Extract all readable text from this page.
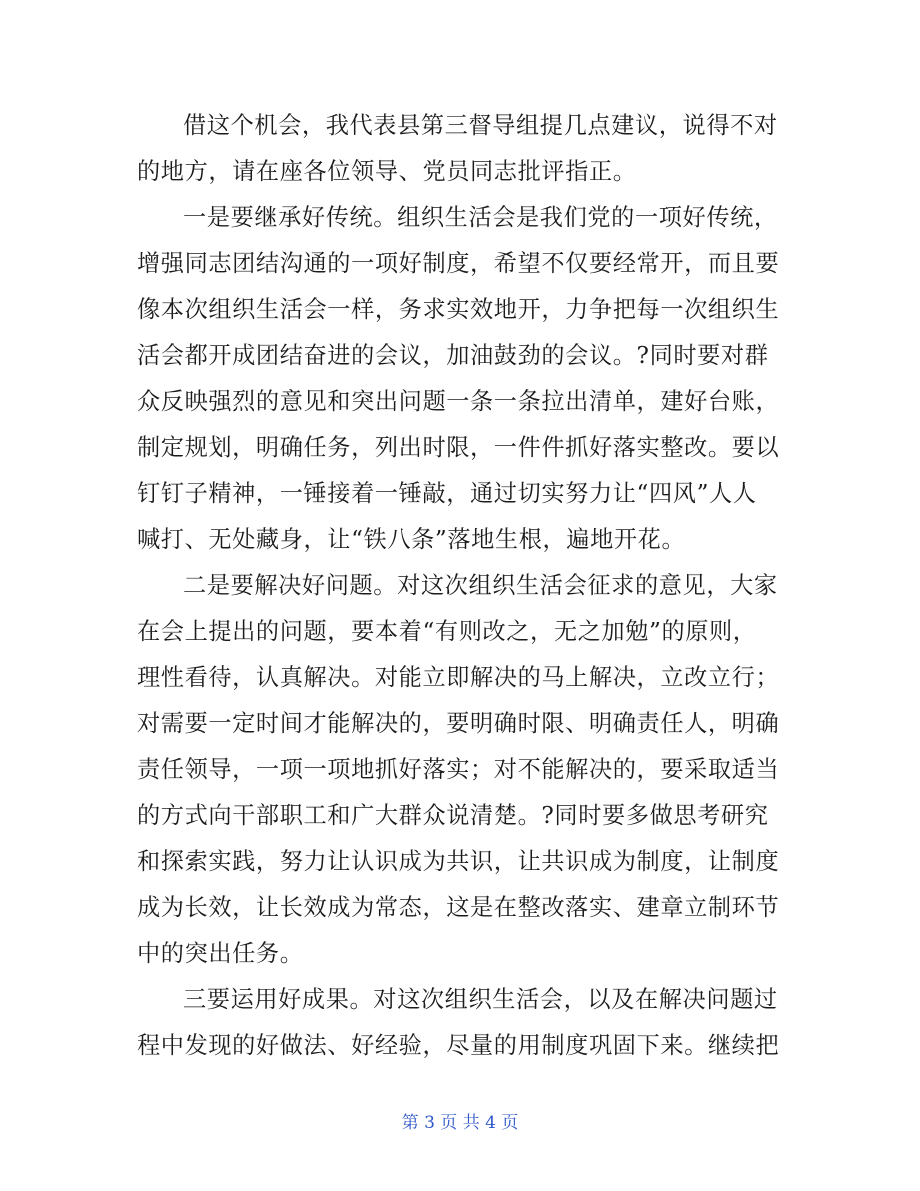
借这个机会，我代表县第三督导组提几点建议，说得不对
的地方，请在座各位领导、党员同志批评指正。
一是要继承好传统。组织生活会是我们党的一项好传统，
增强同志团结沟通的一项好制度，希望不仅要经常开，而且要
像本次组织生活会一样，务求实效地开，力争把每一次组织生
活会都开成团结奋进的会议，加油鼓劲的会议。?同时要对群
众反映强烈的意见和突出问题一条一条拉出清单，建好台账，
制定规划，明确任务，列出时限，一件件抓好落实整改。要以
钉钉子精神，一锤接着一锤敲，通过切实努力让“四风”人人
喊打、无处藏身，让“铁八条”落地生根，遍地开花。
二是要解决好问题。对这次组织生活会征求的意见，大家
在会上提出的问题，要本着“有则改之，无之加勉”的原则，
理性看待，认真解决。对能立即解决的马上解决，立改立行；
对需要一定时间才能解决的，要明确时限、明确责任人，明确
责任领导，一项一项地抓好落实；对不能解决的，要采取适当
的方式向干部职工和广大群众说清楚。?同时要多做思考研究
和探索实践，努力让认识成为共识，让共识成为制度，让制度
成为长效，让长效成为常态，这是在整改落实、建章立制环节
中的突出任务。
三要运用好成果。对这次组织生活会，以及在解决问题过
程中发现的好做法、好经验，尽量的用制度巩固下来。继续把
第 3 页 共 4 页
